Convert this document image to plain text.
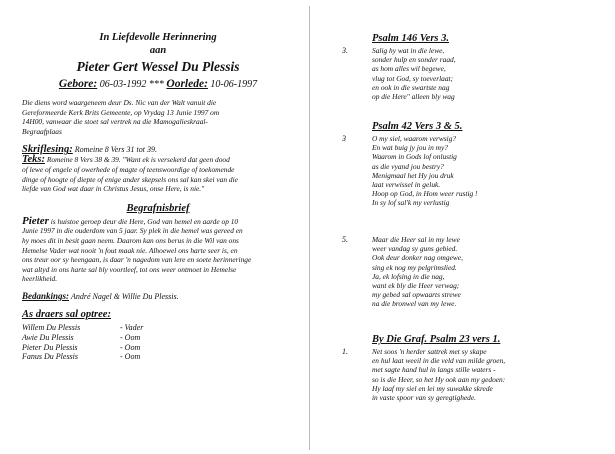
In Liefdevolle Herinnering
aan
Pieter Gert Wessel Du Plessis
Gebore: 06-03-1992 *** Oorlede: 10-06-1997
Die diens word waargeneem deur Ds. Nic van der Walt vanuit die
Gereformeerde Kerk Brits Gemeente, op Vrydag 13 Junie 1997 om
14H00, vanwaar die stoet sal vertrek na die Mamogalieskraal-
Begraafplaas
Skriflesing: Romeine 8 Vers 31 tot 39.
Teks: Romeine 8 Vers 38 & 39. "Want ek is versekerd dat geen dood
of lewe of engele of owerhede of magte of teenswoordige of toekomende
dinge of hoogte of diepte of enige ander skepsels ons sal kan skei van die
liefde van God wat daar in Christus Jesus, onse Here, is nie."
Begrafnisbrief
Pieter is huistoe geroep deur die Here, God van hemel en aarde op 10
Junie 1997 in die ouderdom van 5 jaar. Sy plek in die hemel was gereed en
hy moes dit in besit gaan neem. Daarom kan ons berus in die Wil van ons
Hemelse Vader wat nooit 'n fout maak nie. Alhoewel ons harte seer is, en
ons treur oor sy heengaan, is daar 'n nagedom van lere en soete herinneringe
wat altyd in ons harte sal bly voortleef, tot ons weer ontmoet in Hemelse
heerlikheid.
Bedankings: André Nagel & Willie Du Plessis.
As draers sal optree:
Willem Du Plessis	- Vader
Awie Du Plessis	- Oom
Pieter Du Plessis	- Oom
Fanus Du Plessis	- Oom
Psalm 146 Vers 3.
3.	Salig hy wat in die lewe,
sonder hulp en sonder raad,
as hom alles wil begewe,
vlug tot God, sy toeverlaat;
en ook in die swartste nag
op die Here" alleen bly wag
Psalm 42 Vers 3 & 5.
3	O my siel, waarom verwsig?
En wat buig jy jou in my?
Waarom in Gods lof onlustig
as die vyand jou bestry?
Menigmaal het Hy jou druk
laat verwissel in geluk.
Hoop op God, in Hom weer rustig !
In sy lof sal'k my verlustig
5.	Maar die Heer sal in my lewe
weer vandag sy guns gebied.
Ook deur donker nag omgewe,
sing ek nog my pelgrimslied.
Ja, ek lofsing in die nag,
want ek bly die Heer verwag;
my gebed sal opwaarts strewe
na die bronwel van my lewe.
By Die Graf. Psalm 23 vers 1.
1.	Net soos 'n herder sattrek met sy skape
en hul laat weeil in die veld van milde groen,
met sagte hand hul in langs stille waters -
so is die Heer, so het Hy ook aan my gedoen:
Hy laaf my siel en lei my suwakke skrede
in vaste spoor van sy geregtighede.
